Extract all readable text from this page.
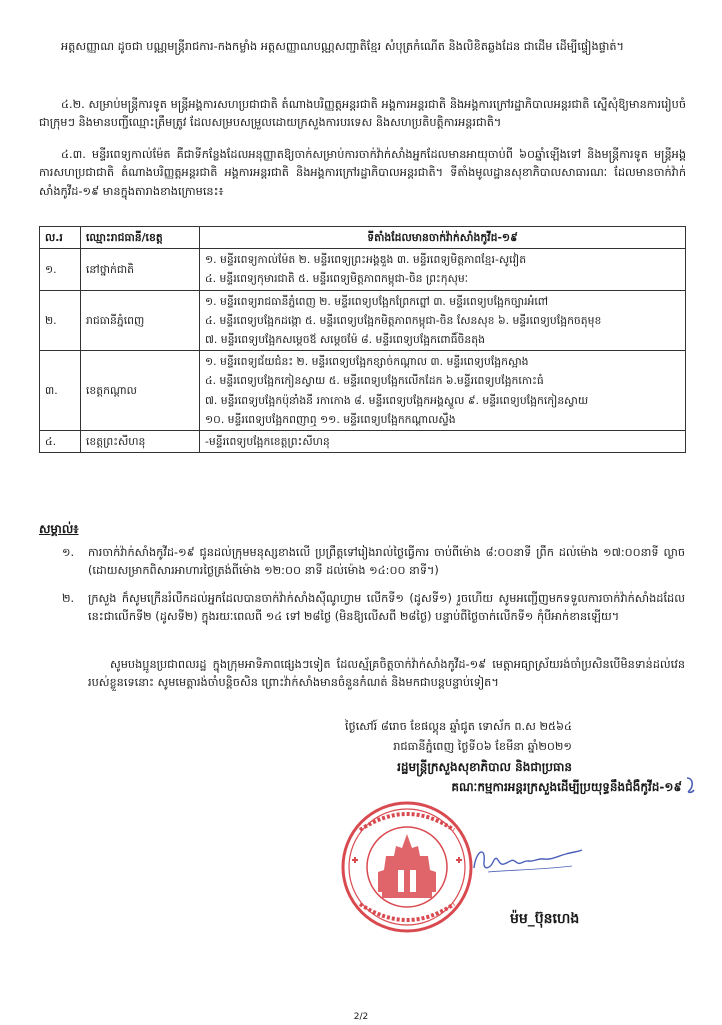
អត្តសញ្ញាណ ដូចជា បណ្ណមន្ត្រីរាជការ-កងកម្លាំង អត្តសញ្ញាណបណ្ណសញ្ជាតិខ្មែរ សំបុត្រកំណើត និងលិខិតឆ្លងដែន ជាដើម ដើម្បីផ្ទៀងផ្ទាត់។
៤.២. សម្រាប់មន្ត្រីការទូត មន្ត្រីអង្គការសហប្រជាជាតិ តំណាងបរិញ្ញត្តអន្តរជាតិ អង្គការអន្តរជាតិ និងអង្គការក្រៅរដ្ឋាភិបាលអន្តរជាតិ ស្នើសុំឱ្យមានការរៀបចំជាក្រុមៗ និងមានបញ្ជីឈ្មោះត្រឹមត្រូវ ដែលសម្របសម្រួលដោយក្រសួងការបរទេស និងសហប្រតិបត្តិការអន្តរជាតិ។
៤.៣. មន្ទីរពេទ្យកាល់ម៉ែត គឺជាទីកន្លែងដែលអនុញ្ញាតឱ្យចាក់សម្រាប់ការចាក់វ៉ាក់សាំងអ្នកដែលមានអាយុចាប់ពី ៦០ឆ្នាំឡើងទៅ និងមន្ត្រីការទូត មន្ត្រីអង្គការសហប្រជាជាតិ តំណាងបរិញ្ញត្តអន្តរជាតិ អង្គការអន្តរជាតិ និងអង្គការក្រៅរដ្ឋាភិបាលអន្តរជាតិ។ ទីតាំងមូលដ្ឋានសុខាភិបាលសាធារណៈ ដែលមានចាក់វ៉ាក់សាំងកូវីដ-១៩ មានក្នុងតារាងខាងក្រោមនេះ៖
ល.រ	ឈ្មោះរាជធានី/ខេត្ត	ទីតាំងដែលមានចាក់វ៉ាក់សាំងកូវីដ-១៩
១.	នៅថ្នាក់ជាតិ	១. មន្ទីរពេទ្យកាល់ម៉ែត ២. មន្ទីរពេទ្យព្រះអង្គឌួង ៣. មន្ទីរពេទ្យមិត្តភាពខ្មែរ-សូវៀត
៤. មន្ទីរពេទ្យកុមារជាតិ ៥. មន្ទីរពេទ្យមិត្តភាពកម្ពុជា-ចិន ព្រះកុសុមៈ

២.	រាជធានីភ្នំពេញ	១. មន្ទីរពេទ្យរាជធានីភ្នំពេញ ២. មន្ទីរពេទ្យបង្អែកព្រែកព្នៅ ៣. មន្ទីរពេទ្យបង្អែកច្បារអំពៅ
៤. មន្ទីរពេទ្យបង្អែកដង្កោ ៥. មន្ទីរពេទ្យបង្អែកមិត្តភាពកម្ពុជា-ចិន សែនសុខ ៦. មន្ទីរពេទ្យបង្អែកចតុមុខ
៧. មន្ទីរពេទ្យបង្អែកសម្តេចឪ សម្តេចម៉ែ ៨. មន្ទីរពេទ្យបង្អែកពោធិ៍ចិនតុង

៣.	ខេត្តកណ្តាល	១. មន្ទីរពេទ្យជ័យជំនះ ២. មន្ទីរពេទ្យបង្អែកខ្សាច់កណ្តាល ៣. មន្ទីរពេទ្យបង្អែកស្អាង
៤. មន្ទីរពេទ្យបង្អែកកៀនស្វាយ ៥. មន្ទីរពេទ្យបង្អែកលើកដែក ៦.មន្ទីរពេទ្យបង្អែកកោះធំ
៧. មន្ទីរពេទ្យបង្អែកប៉ុនាំងនី រកាកោង ៨. មន្ទីរពេទ្យបង្អែកអង្គស្នួល ៩. មន្ទីរពេទ្យបង្អែកកៀនស្វាយ
១០. មន្ទីរពេទ្យបង្អែកពញាឮ ១១. មន្ទីរពេទ្យបង្អែកកណ្តាលស្ទឹង

៤.	ខេត្តព្រះសីហនុ	-មន្ទីរពេទ្យបង្អែកខេត្តព្រះសីហនុ
សម្គាល់៖
១. ការចាក់វ៉ាក់សាំងកូវីដ-១៩ ជូនដល់ក្រុមមនុស្សខាងលើ ប្រព្រឹត្តទៅរៀងរាល់ថ្ងៃធ្វើការ ចាប់ពីម៉ោង ៨:០០នាទី ព្រឹក ដល់ម៉ោង ១៧:០០នាទី ល្ងាច (ដោយសម្រាកពិសារអាហារថ្ងៃត្រង់ពីម៉ោង ១២:០០ នាទី ដល់ម៉ោង ១៤:០០ នាទី។)
២. ក្រសួង ក៏សូមក្រើនរំលឹកដល់អ្នកដែលបានចាក់វ៉ាក់សាំងស៊ីណូហ្វាម លើកទី១ (ដូសទី១) រួចហើយ សូមអញ្ជើញមកទទួលការចាក់វ៉ាក់សាំងដដែលនេះជាលើកទី២ (ដូសទី២) ក្នុងរយៈពេលពី ១៤ ទៅ ២៨ថ្ងៃ (មិនឱ្យលើសពី ២៨ថ្ងៃ) បន្ទាប់ពីថ្ងៃចាក់លើកទី១ កុំបីអាក់ខានឡើយ។
សូមបងប្អូនប្រជាពលរដ្ឋ ក្នុងក្រុមអាទិភាពផ្សេងៗទៀត ដែលស្ម័គ្រចិត្តចាក់វ៉ាក់សាំងកូវីដ-១៩ មេត្តាអធ្យាស្រ័យរង់ចាំប្រសិនបើមិនទាន់ដល់វេនរបស់ខ្លួនទេនោះ សូមមេត្តារង់ចាំបន្តិចសិន ព្រោះវ៉ាក់សាំងមានចំនួនកំណត់ និងមកជាបន្តបន្ទាប់ទៀត។
ថ្ងៃសៅរ៍ ៨រោច ខែផល្គុន ឆ្នាំជូត ទោស័ក ព.ស ២៥៦៤
រាជធានីភ្នំពេញ ថ្ងៃទី០៦ ខែមីនា ឆ្នាំ២០២១
រដ្ឋមន្ត្រីក្រសួងសុខាភិបាល និងជាប្រធាន
គណៈកម្មការអន្តរក្រសួងដើម្បីប្រយុទ្ធនឹងជំងឺកូវីដ-១៩
ម៉ម_ប៊ុនហេង
2/2
